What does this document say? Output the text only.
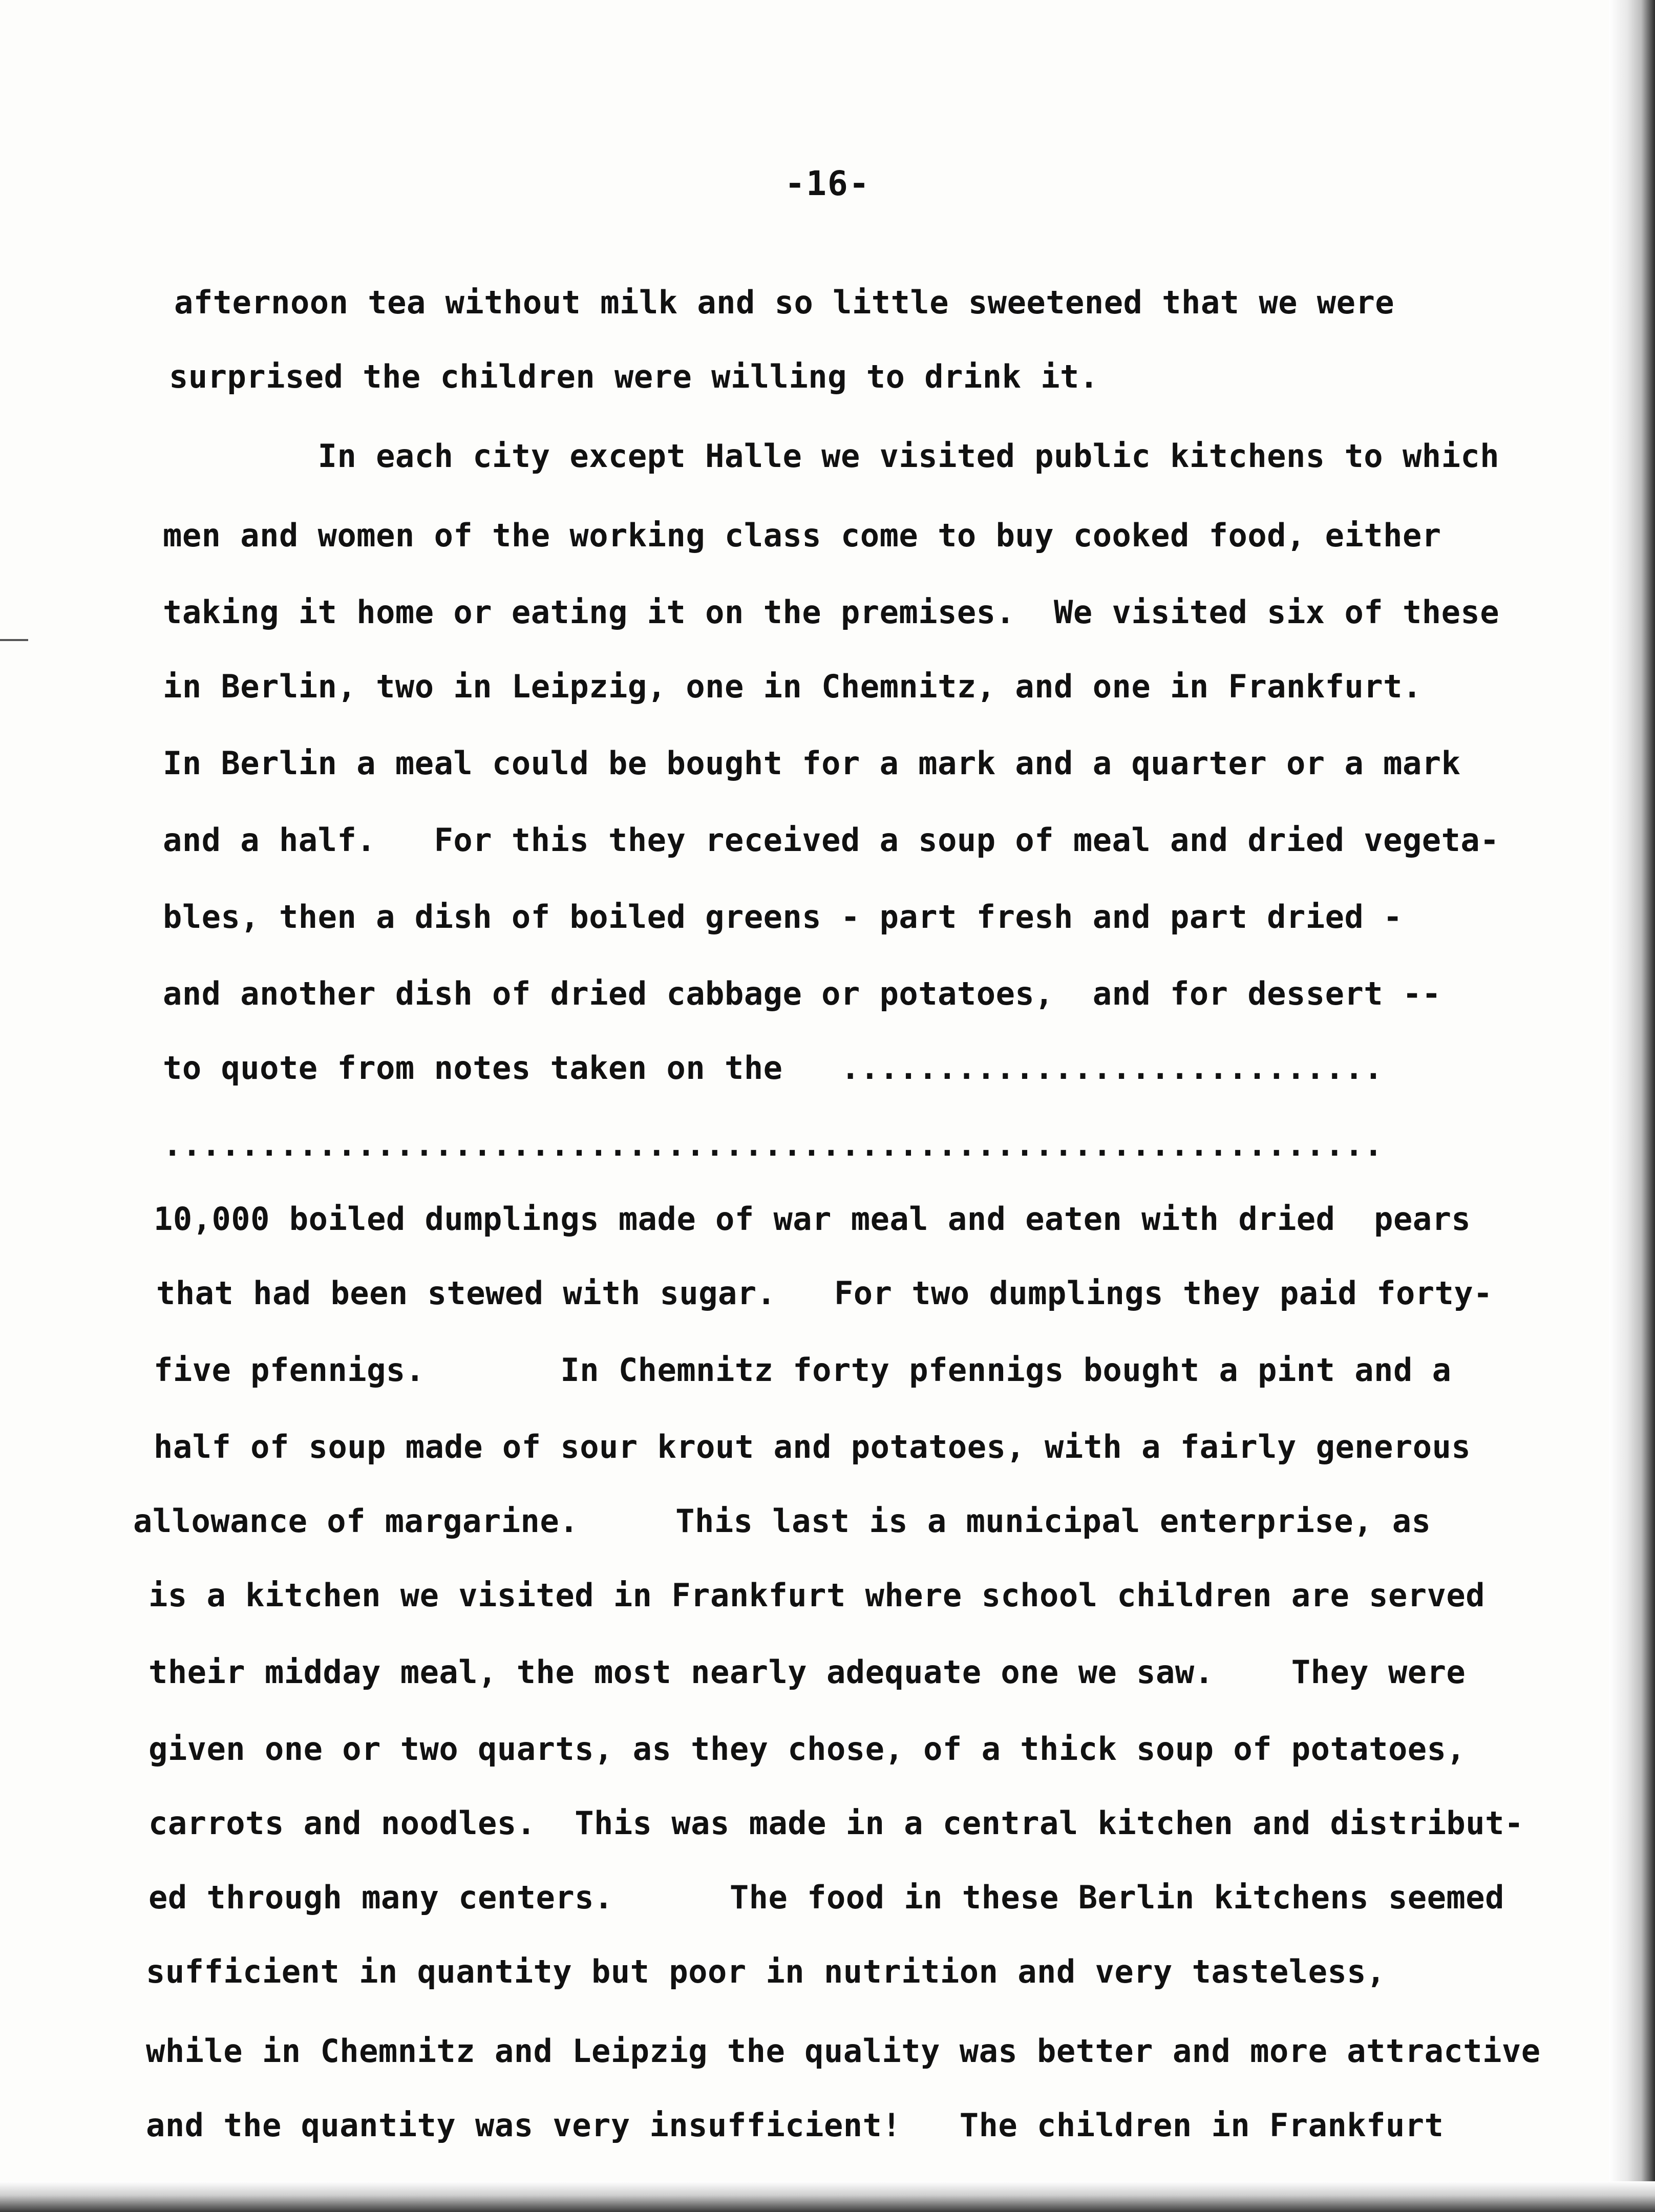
-16-
afternoon tea without milk and so little sweetened that we were
surprised the children were willing to drink it.
In each city except Halle we visited public kitchens to which
men and women of the working class come to buy cooked food, either
taking it home or eating it on the premises.  We visited six of these
in Berlin, two in Leipzig, one in Chemnitz, and one in Frankfurt.
In Berlin a meal could be bought for a mark and a quarter or a mark
and a half.   For this they received a soup of meal and dried vegeta-
bles, then a dish of boiled greens - part fresh and part dried -
and another dish of dried cabbage or potatoes,  and for dessert --
to quote from notes taken on the   ............................
...............................................................
10,000 boiled dumplings made of war meal and eaten with dried  pears
that had been stewed with sugar.   For two dumplings they paid forty-
five pfennigs.       In Chemnitz forty pfennigs bought a pint and a
half of soup made of sour krout and potatoes, with a fairly generous
allowance of margarine.     This last is a municipal enterprise, as
is a kitchen we visited in Frankfurt where school children are served
their midday meal, the most nearly adequate one we saw.    They were
given one or two quarts, as they chose, of a thick soup of potatoes,
carrots and noodles.  This was made in a central kitchen and distribut-
ed through many centers.      The food in these Berlin kitchens seemed
sufficient in quantity but poor in nutrition and very tasteless,
while in Chemnitz and Leipzig the quality was better and more attractive
and the quantity was very insufficient!   The children in Frankfurt
